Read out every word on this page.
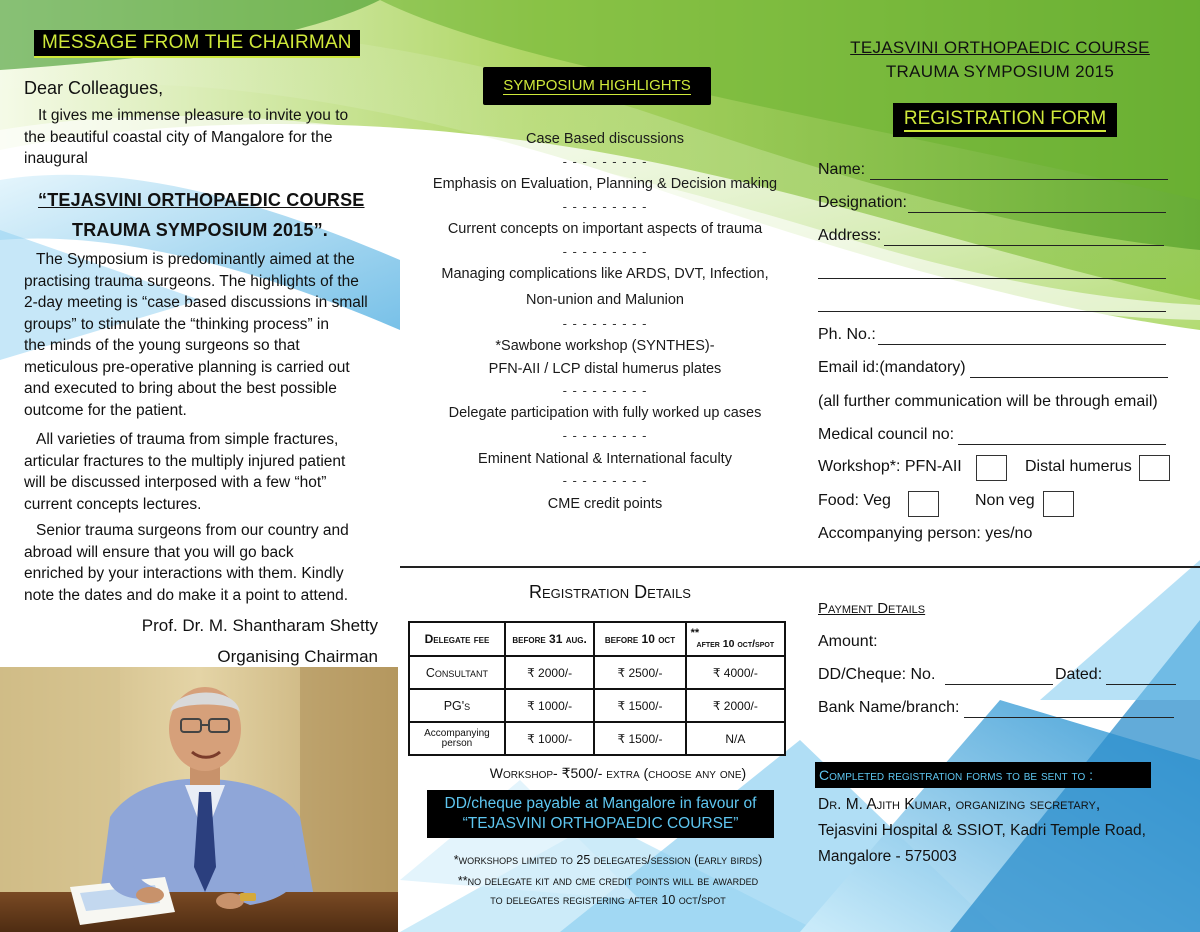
MESSAGE FROM THE CHAIRMAN
Dear Colleagues,
It gives me immense pleasure to invite you to
the beautiful coastal city of Mangalore for the
inaugural
“TEJASVINI ORTHOPAEDIC COURSE
TRAUMA SYMPOSIUM 2015”.
The Symposium is predominantly aimed at the
practising trauma surgeons. The highlights of the
2-day meeting is “case based discussions in small
groups” to stimulate the “thinking process” in
the minds of the young surgeons so that
meticulous pre-operative planning is carried out
and executed to bring about the best possible
outcome for the patient.
All varieties of trauma from simple fractures,
articular fractures to the multiply injured patient
will be discussed interposed with a few “hot”
current concepts lectures.
Senior trauma surgeons from our country and
abroad will ensure that you will go back
enriched by your interactions with them. Kindly
note the dates and do make it a point to attend.
Prof. Dr. M. Shantharam Shetty
Organising Chairman
SYMPOSIUM HIGHLIGHTS
Case Based discussions
- - - - - - - - -
Emphasis on Evaluation, Planning & Decision making
- - - - - - - - -
Current concepts on important aspects of trauma
- - - - - - - - -
Managing complications like ARDS, DVT, Infection,
Non-union and Malunion
- - - - - - - - -
*Sawbone workshop (SYNTHES)-
PFN-AII / LCP distal humerus plates
- - - - - - - - -
Delegate participation with fully worked up cases
- - - - - - - - -
Eminent National & International faculty
- - - - - - - - -
CME credit points
TEJASVINI ORTHOPAEDIC COURSE
TRAUMA SYMPOSIUM 2015
REGISTRATION FORM
Name:
Designation:
Address:
Ph. No.:
Email id:(mandatory)
(all further communication will be through email)
Medical council no:
Workshop*: PFN-AII	Distal humerus
Food: Veg	Non veg
Accompanying person: yes/no
Registration Details
Delegate fee	before 31 aug.	before 10 oct	**
after 10 oct/spot
Consultant	₹ 2000/-	₹ 2500/-	₹ 4000/-
PG's	₹ 1000/-	₹ 1500/-	₹ 2000/-
Accompanying person	₹ 1000/-	₹ 1500/-	N/A
Workshop- ₹500/- extra (choose any one)
DD/cheque payable at Mangalore in favour of
“TEJASVINI ORTHOPAEDIC COURSE”
*workshops limited to 25 delegates/session (early birds)
**no delegate kit and cme credit points will be awarded
to delegates registering after 10 oct/spot
Payment Details
Amount:
DD/Cheque: No.	Dated:
Bank Name/branch:
Completed registration forms to be sent to :
Dr. M. Ajith Kumar, organizing secretary,
Tejasvini Hospital & SSIOT, Kadri Temple Road,
Mangalore - 575003
